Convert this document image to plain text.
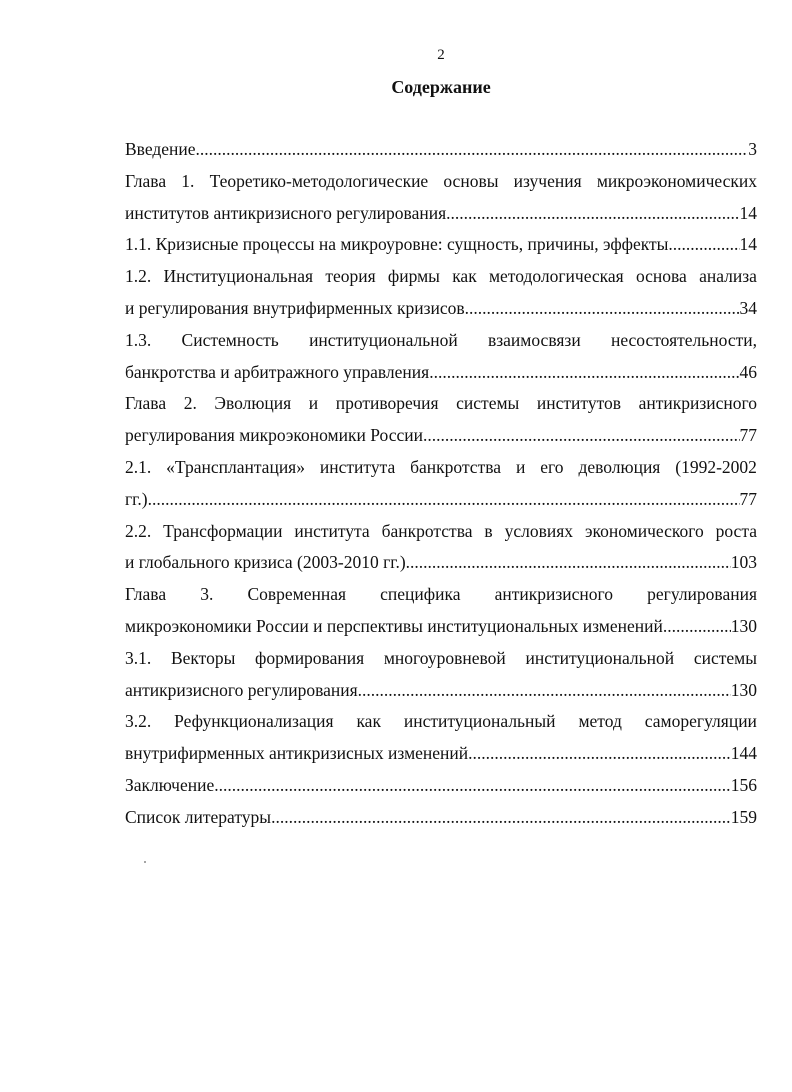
2
Содержание
Введение .....	3
Глава 1. Теоретико-методологические основы изучения микроэкономических
институтов антикризисного регулирования .....	14
1.1. Кризисные процессы на микроуровне: сущность, причины, эффекты .....	14
1.2. Институциональная теория фирмы как методологическая основа анализа
и регулирования внутрифирменных кризисов .....	34
1.3. Системность институциональной взаимосвязи несостоятельности,
банкротства и арбитражного управления .....	46
Глава 2. Эволюция и противоречия системы институтов антикризисного
регулирования микроэкономики России .....	77
2.1. «Трансплантация» института банкротства и его деволюция (1992-2002
гг.) .....	77
2.2. Трансформации института банкротства в условиях экономического роста
и глобального кризиса (2003-2010 гг.) .....	103
Глава 3. Современная специфика антикризисного регулирования
микроэкономики России и перспективы институциональных изменений .....	130
3.1. Векторы формирования многоуровневой институциональной системы
антикризисного регулирования .....	130
3.2. Рефункционализация как институциональный метод саморегуляции
внутрифирменных антикризисных изменений .....	144
Заключение .....	156
Список литературы .....	159
